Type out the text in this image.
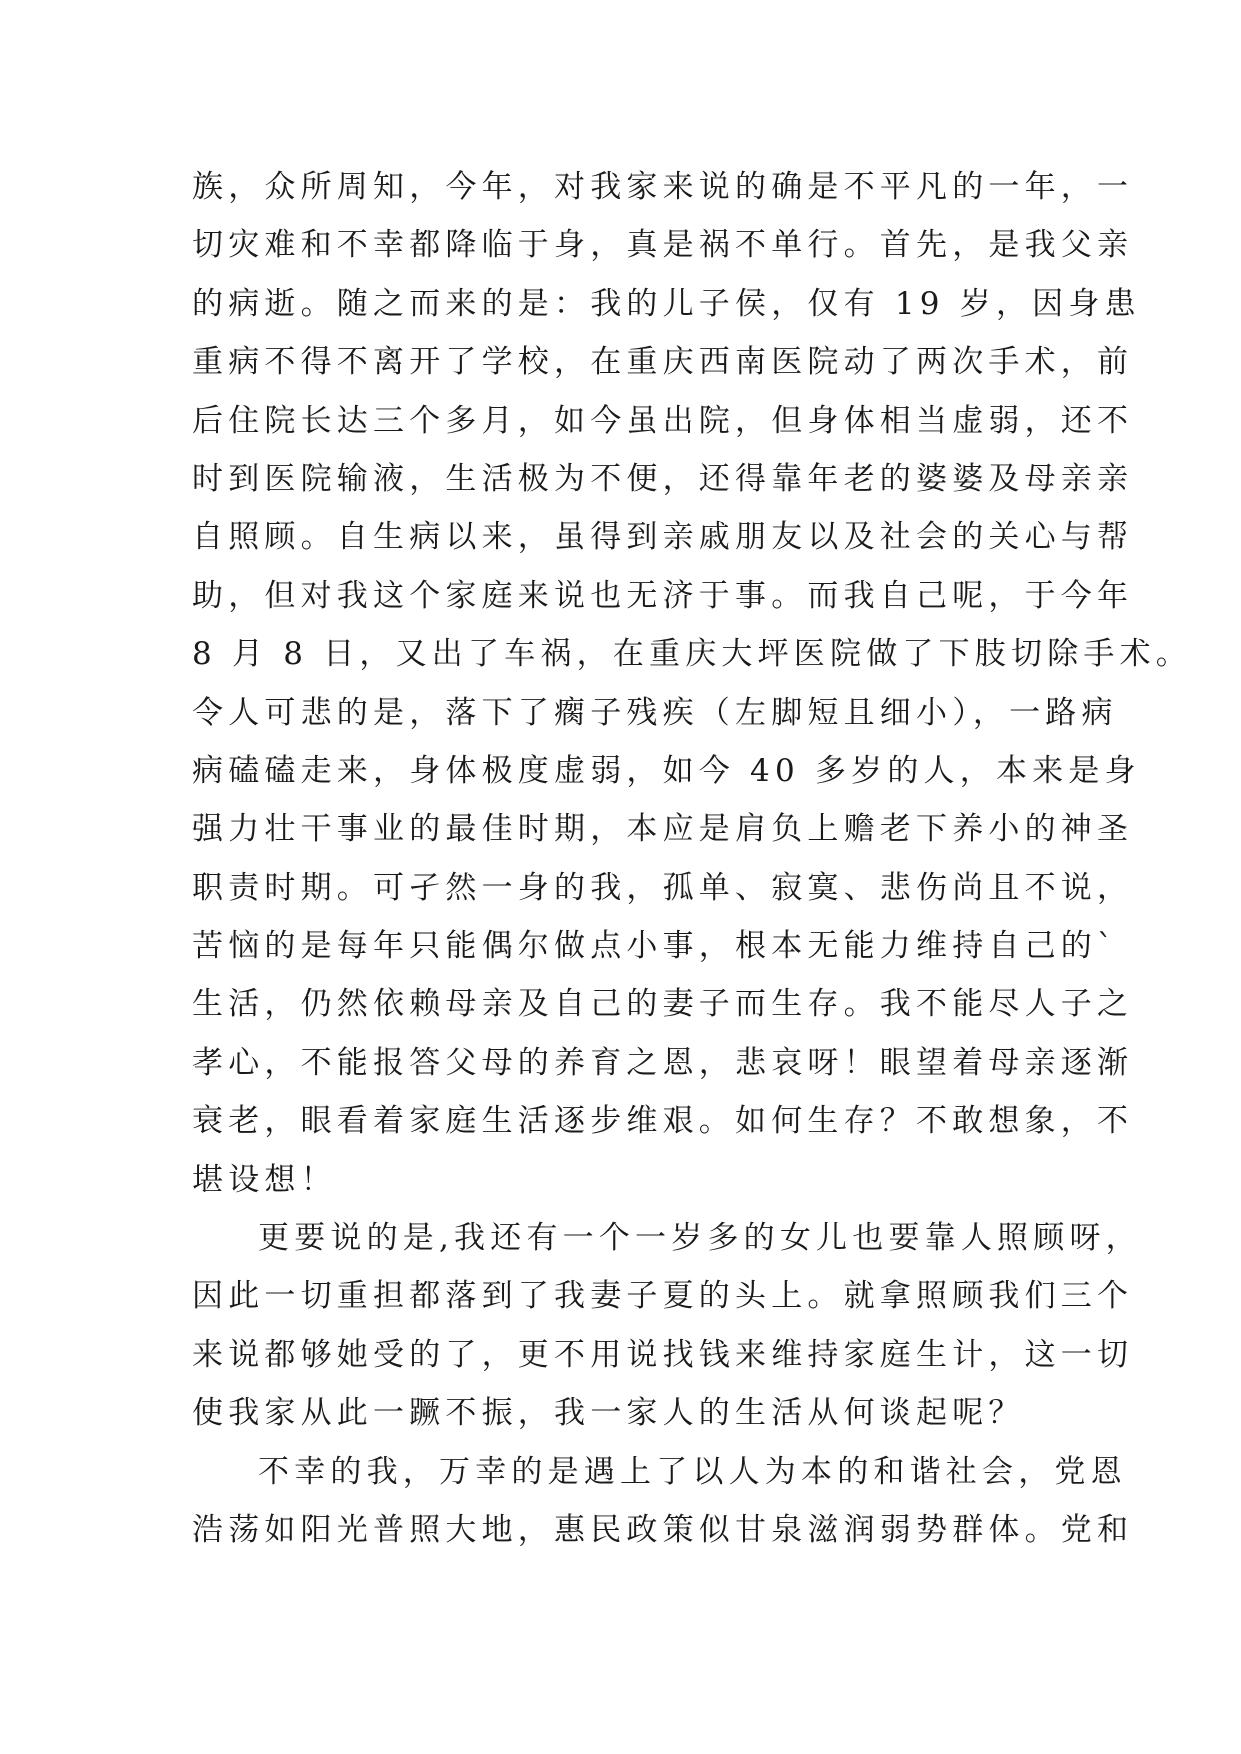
族，众所周知，今年，对我家来说的确是不平凡的一年，一
切灾难和不幸都降临于身，真是祸不单行。首先，是我父亲
的病逝。随之而来的是：我的儿子侯，仅有 19 岁，因身患
重病不得不离开了学校，在重庆西南医院动了两次手术，前
后住院长达三个多月，如今虽出院，但身体相当虚弱，还不
时到医院输液，生活极为不便，还得靠年老的婆婆及母亲亲
自照顾。自生病以来，虽得到亲戚朋友以及社会的关心与帮
助，但对我这个家庭来说也无济于事。而我自己呢，于今年
8 月 8 日，又出了车祸，在重庆大坪医院做了下肢切除手术。
令人可悲的是，落下了瘸子残疾（左脚短且细小），一路病
病磕磕走来，身体极度虚弱，如今 40 多岁的人，本来是身
强力壮干事业的最佳时期，本应是肩负上赡老下养小的神圣
职责时期。可孑然一身的我，孤单、寂寞、悲伤尚且不说，
苦恼的是每年只能偶尔做点小事，根本无能力维持自己的`
生活，仍然依赖母亲及自己的妻子而生存。我不能尽人子之
孝心，不能报答父母的养育之恩，悲哀呀！眼望着母亲逐渐
衰老，眼看着家庭生活逐步维艰。如何生存？不敢想象，不
堪设想！
更要说的是,我还有一个一岁多的女儿也要靠人照顾呀，
因此一切重担都落到了我妻子夏的头上。就拿照顾我们三个
来说都够她受的了，更不用说找钱来维持家庭生计，这一切
使我家从此一蹶不振，我一家人的生活从何谈起呢？
不幸的我，万幸的是遇上了以人为本的和谐社会，党恩
浩荡如阳光普照大地，惠民政策似甘泉滋润弱势群体。党和
